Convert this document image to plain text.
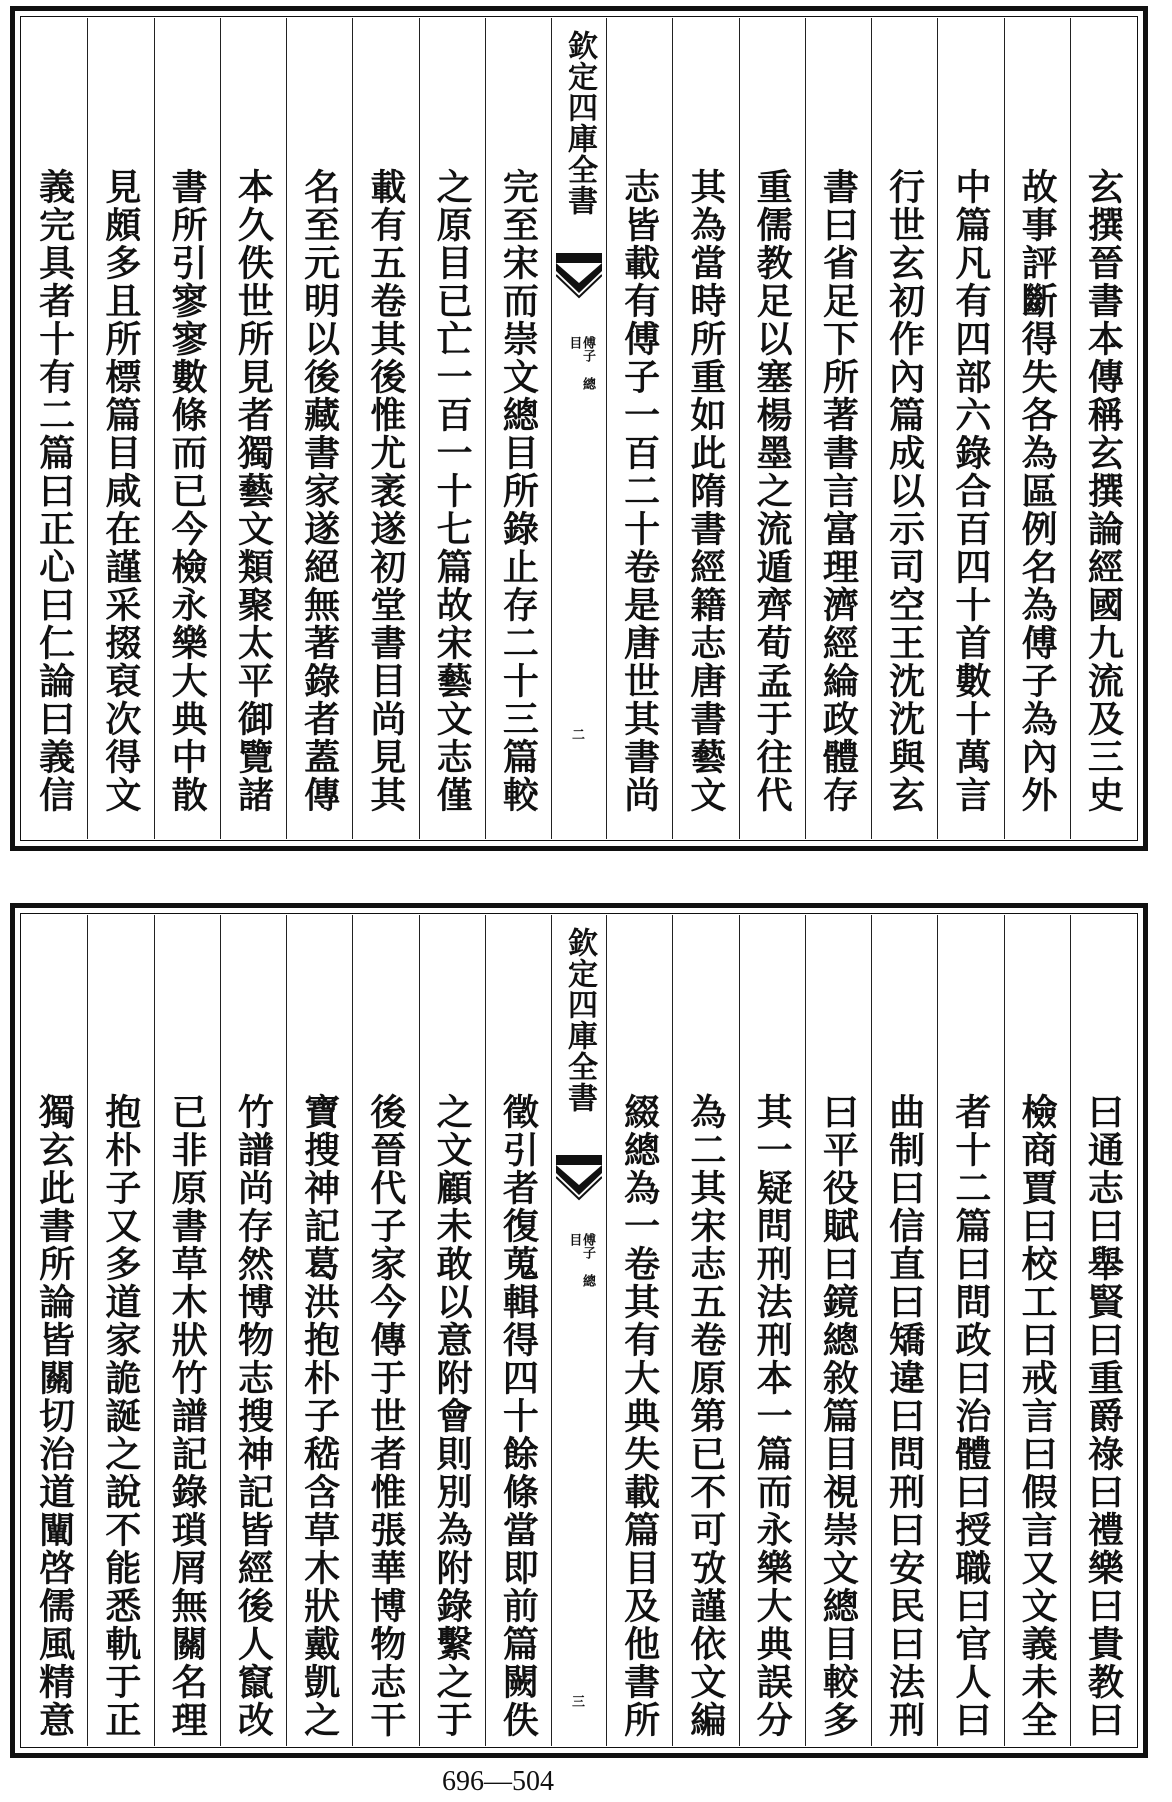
玄撰晉書本傳稱玄撰論經國九流及三史
故事評斷得失各為區例名為傅子為內外
中篇凡有四部六錄合百四十首數十萬言
行世玄初作內篇成以示司空王沈沈與玄
書曰省足下所著書言富理濟經綸政體存
重儒教足以塞楊墨之流遁齊荀孟于往代
其為當時所重如此隋書經籍志唐書藝文
志皆載有傅子一百二十卷是唐世其書尚
欽定四庫全書
傅子 總目
二
完至宋而崇文總目所錄止存二十三篇較
之原目已亡一百一十七篇故宋藝文志僅
載有五卷其後惟尤袤遂初堂書目尚見其
名至元明以後藏書家遂絕無著錄者蓋傳
本久佚世所見者獨藝文類聚太平御覽諸
書所引寥寥數條而已今檢永樂大典中散
見頗多且所標篇目咸在謹采掇裒次得文
義完具者十有二篇曰正心曰仁論曰義信
曰通志曰舉賢曰重爵祿曰禮樂曰貴教曰
檢商賈曰校工曰戒言曰假言又文義未全
者十二篇曰問政曰治體曰授職曰官人曰
曲制曰信直曰矯違曰問刑曰安民曰法刑
曰平役賦曰鏡總敘篇目視崇文總目較多
其一疑問刑法刑本一篇而永樂大典誤分
為二其宋志五卷原第已不可攷謹依文編
綴總為一卷其有大典失載篇目及他書所
欽定四庫全書
傅子 總目
三
徵引者復蒐輯得四十餘條當即前篇闕佚
之文顧未敢以意附會則別為附錄繫之于
後晉代子家今傳于世者惟張華博物志干
寶搜神記葛洪抱朴子嵇含草木狀戴凱之
竹譜尚存然博物志搜神記皆經後人竄改
已非原書草木狀竹譜記錄瑣屑無關名理
抱朴子又多道家詭誕之說不能悉軌于正
獨玄此書所論皆關切治道闡啓儒風精意
696—504
